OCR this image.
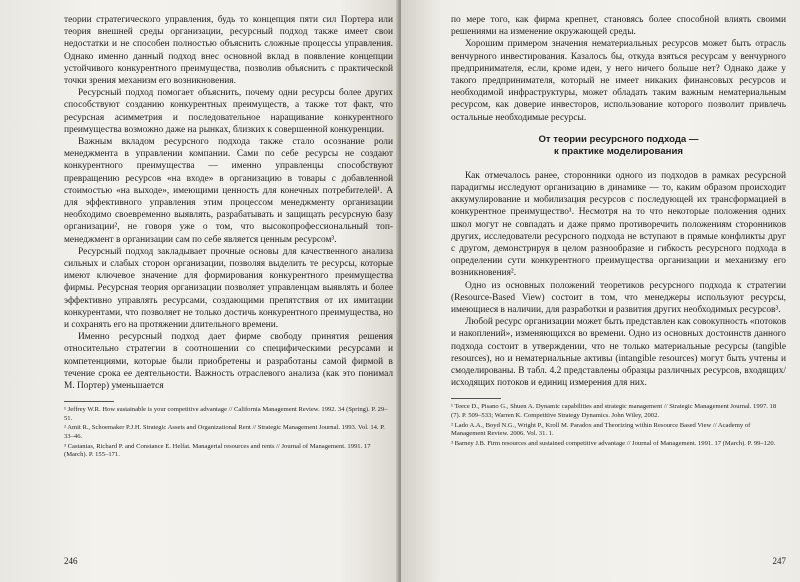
теории стратегического управления, будь то концепция пяти сил Портера или теория внешней среды организации, ресурсный подход также имеет свои недостатки и не способен полностью объяснить сложные процессы управления. Однако именно данный подход внес основной вклад в появление концепции устойчивого конкурентного преимущества, позволив объяснить с практической точки зрения механизм его возникновения.

Ресурсный подход помогает объяснить, почему одни ресурсы более других способствуют созданию конкурентных преимуществ, а также тот факт, что ресурсная асимметрия и последовательное наращивание конкурентного преимущества возможно даже на рынках, близких к совершенной конкуренции.

Важным вкладом ресурсного подхода также стало осознание роли менеджмента в управлении компании. Сами по себе ресурсы не создают конкурентного преимущества — именно управленцы способствуют превращению ресурсов «на входе» в организацию в товары с добавленной стоимостью «на выходе», имеющими ценность для конечных потребителей¹. А для эффективного управления этим процессом менеджменту организации необходимо своевременно выявлять, разрабатывать и защищать ресурсную базу организации², не говоря уже о том, что высокопрофессиональный топ-менеджмент в организации сам по себе является ценным ресурсом³.

Ресурсный подход закладывает прочные основы для качественного анализа сильных и слабых сторон организации, позволяя выделить те ресурсы, которые имеют ключевое значение для формирования конкурентного преимущества фирмы. Ресурсная теория организации позволяет управленцам выявлять и более эффективно управлять ресурсами, создающими препятствия от их имитации конкурентами, что позволяет не только достичь конкурентного преимущества, но и сохранять его на протяжении длительного времени.

Именно ресурсный подход дает фирме свободу принятия решения относительно стратегии в соотношении со специфическими ресурсами и компетенциями, которые были приобретены и разработаны самой фирмой в течение срока ее деятельности. Важность отраслевого анализа (как это понимал М. Портер) уменьшается

¹ Jeffrey W.R. How sustainable is your competitive advantage // California Management Review. 1992. 34 (Spring). P. 29–51.

² Amit R., Schoemaker P.J.H. Strategic Assets and Organizational Rent // Strategic Management Journal. 1993. Vol. 14. P. 33–46.

³ Castanias, Richard P. and Constance E. Helfat. Managerial resources and rents // Journal of Management. 1991. 17 (March). P. 155–171.

246

по мере того, как фирма крепнет, становясь более способной влиять своими решениями на изменение окружающей среды.

Хорошим примером значения нематериальных ресурсов может быть отрасль венчурного инвестирования. Казалось бы, откуда взяться ресурсам у венчурного предпринимателя, если, кроме идеи, у него ничего больше нет? Однако даже у такого предпринимателя, который не имеет никаких финансовых ресурсов и необходимой инфраструктуры, может обладать таким важным нематериальным ресурсом, как доверие инвесторов, использование которого позволит привлечь остальные необходимые ресурсы.

От теории ресурсного подхода —
к практике моделирования

Как отмечалось ранее, сторонники одного из подходов в рамках ресурсной парадигмы исследуют организацию в динамике — то, каким образом происходит аккумулирование и мобилизация ресурсов с последующей их трансформацией в конкурентное преимущество¹. Несмотря на то что некоторые положения одних школ могут не совпадать и даже прямо противоречить положениям сторонников других, исследователи ресурсного подхода не вступают в прямые конфликты друг с другом, демонстрируя в целом разнообразие и гибкость ресурсного подхода в определении сути конкурентного преимущества организации и механизму его возникновения².

Одно из основных положений теоретиков ресурсного подхода к стратегии (Resource-Based View) состоит в том, что менеджеры используют ресурсы, имеющиеся в наличии, для разработки и развития других необходимых ресурсов³.

Любой ресурс организации может быть представлен как совокупность «потоков и накоплений», изменяющихся во времени. Одно из основных достоинств данного подхода состоит в утверждении, что не только материальные ресурсы (tangible resources), но и нематериальные активы (intangible resources) могут быть учтены и смоделированы. В табл. 4.2 представлены образцы различных ресурсов, входящих/исходящих потоков и единиц измерения для них.

¹ Teece D., Pisano G., Shuen A. Dynamic capabilities and strategic management // Strategic Management Journal. 1997. 18 (7). P. 509–533; Warren K. Competitive Strategy Dynamics. John Wiley, 2002.

² Lado A.A., Boyd N.G., Wright P., Kroll M. Paradox and Theorizing within Resource Based View // Academy of Management Review. 2006. Vol. 31. 1.

³ Barney J.B. Firm resources and sustained competitive advantage // Journal of Management. 1991. 17 (March). P. 99–120.

247
